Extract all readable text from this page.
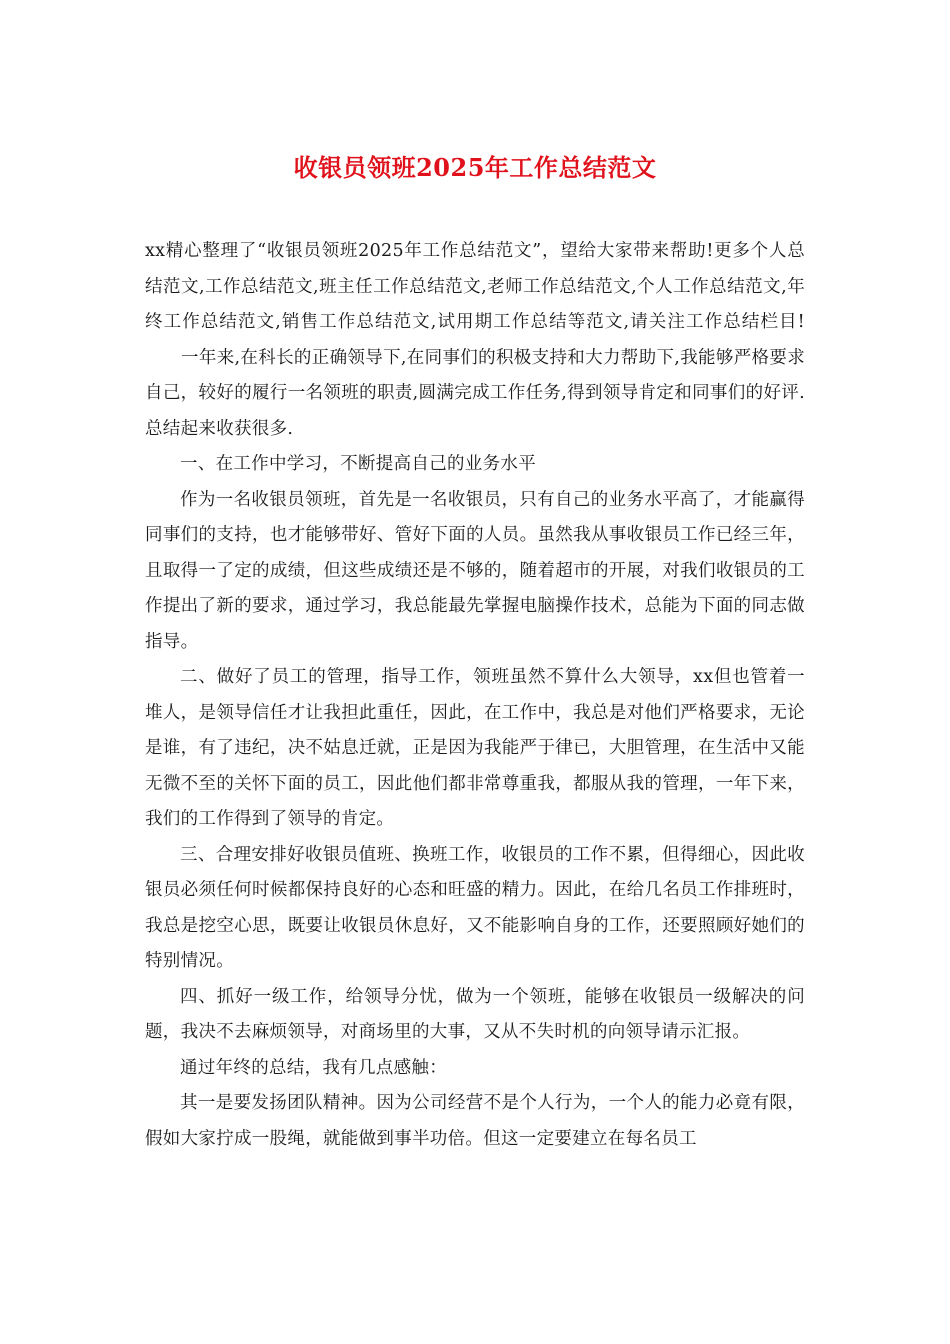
收银员领班2025年工作总结范文

xx精心整理了“收银员领班2025年工作总结范文”，望给大家带来帮助!更多个人总结范文,工作总结范文,班主任工作总结范文,老师工作总结范文,个人工作总结范文,年终工作总结范文,销售工作总结范文,试用期工作总结等范文,请关注工作总结栏目!一年来,在科长的正确领导下,在同事们的积极支持和大力帮助下,我能够严格要求自己，较好的履行一名领班的职责,圆满完成工作任务,得到领导肯定和同事们的好评.总结起来收获很多.

一、在工作中学习，不断提高自己的业务水平

作为一名收银员领班，首先是一名收银员，只有自己的业务水平高了，才能赢得同事们的支持，也才能够带好、管好下面的人员。虽然我从事收银员工作已经三年，且取得一了定的成绩，但这些成绩还是不够的，随着超市的开展，对我们收银员的工作提出了新的要求，通过学习，我总能最先掌握电脑操作技术，总能为下面的同志做指导。

二、做好了员工的管理，指导工作，领班虽然不算什么大领导，xx但也管着一堆人，是领导信任才让我担此重任，因此，在工作中，我总是对他们严格要求，无论是谁，有了违纪，决不姑息迁就，正是因为我能严于律已，大胆管理，在生活中又能无微不至的关怀下面的员工，因此他们都非常尊重我，都服从我的管理，一年下来，我们的工作得到了领导的肯定。

三、合理安排好收银员值班、换班工作，收银员的工作不累，但得细心，因此收银员必须任何时候都保持良好的心态和旺盛的精力。因此，在给几名员工作排班时，我总是挖空心思，既要让收银员休息好，又不能影响自身的工作，还要照顾好她们的特别情况。

四、抓好一级工作，给领导分忧，做为一个领班，能够在收银员一级解决的问题，我决不去麻烦领导，对商场里的大事，又从不失时机的向领导请示汇报。

通过年终的总结，我有几点感触：

其一是要发扬团队精神。因为公司经营不是个人行为，一个人的能力必竟有限，假如大家拧成一股绳，就能做到事半功倍。但这一定要建立在每名员工
